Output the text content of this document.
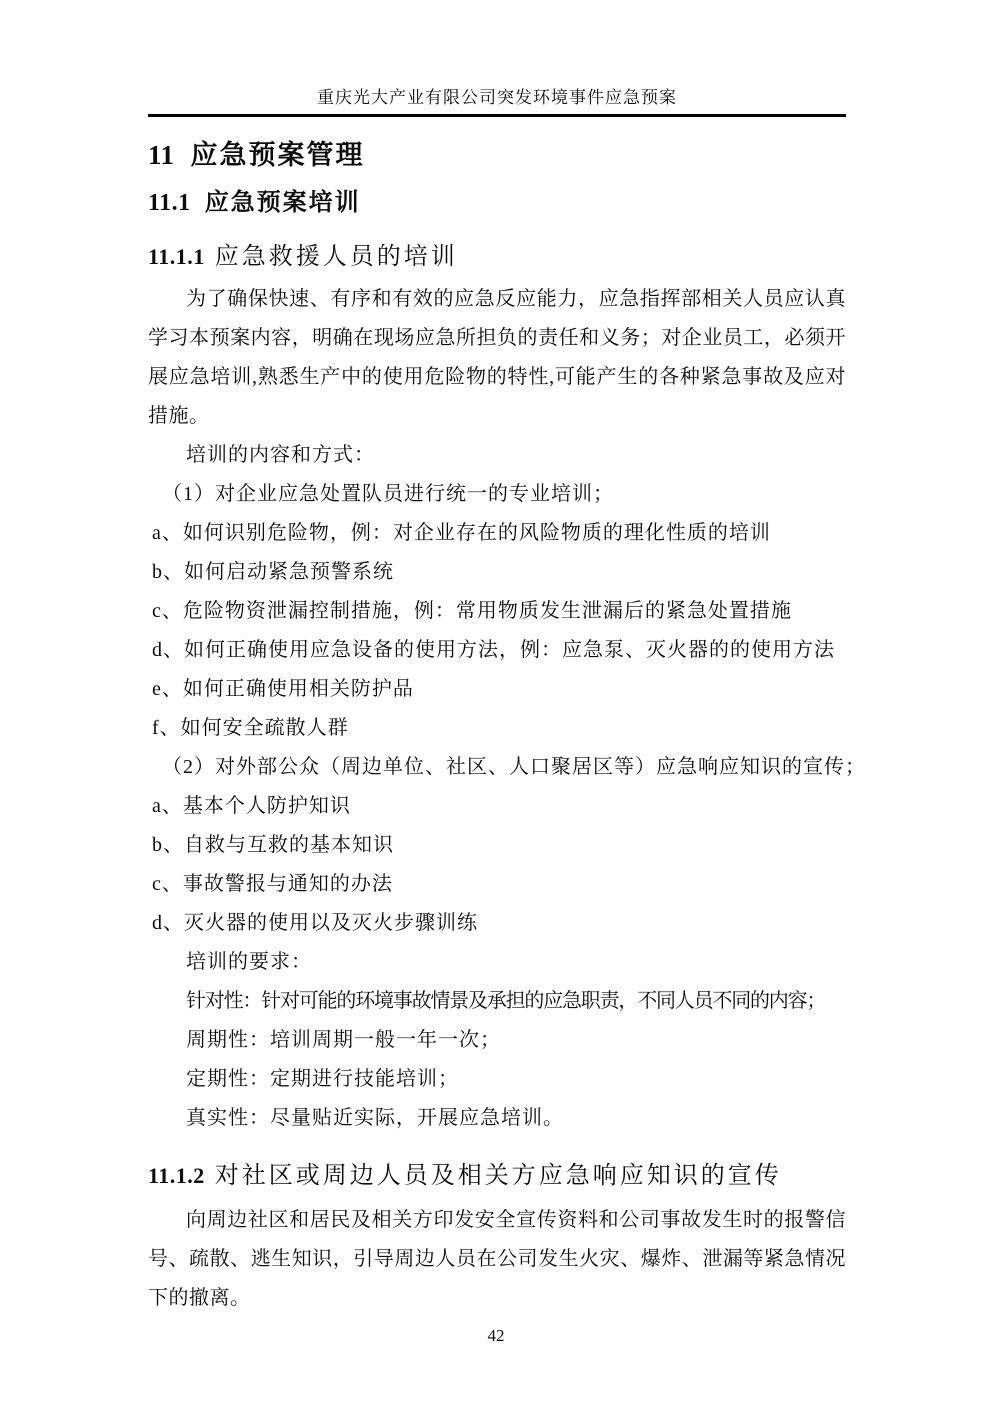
重庆光大产业有限公司突发环境事件应急预案
11 应急预案管理
11.1 应急预案培训
11.1.1 应急救援人员的培训

为了确保快速、有序和有效的应急反应能力，应急指挥部相关人员应认真学习本预案内容，明确在现场应急所担负的责任和义务；对企业员工，必须开展应急培训,熟悉生产中的使用危险物的特性,可能产生的各种紧急事故及应对措施。

培训的内容和方式：
（1）对企业应急处置队员进行统一的专业培训；
a、如何识别危险物，例：对企业存在的风险物质的理化性质的培训
b、如何启动紧急预警系统
c、危险物资泄漏控制措施，例：常用物质发生泄漏后的紧急处置措施
d、如何正确使用应急设备的使用方法，例：应急泵、灭火器的的使用方法
e、如何正确使用相关防护品
f、如何安全疏散人群
（2）对外部公众（周边单位、社区、人口聚居区等）应急响应知识的宣传；
a、基本个人防护知识
b、自救与互救的基本知识
c、事故警报与通知的办法
d、灭火器的使用以及灭火步骤训练
培训的要求：
针对性：针对可能的环境事故情景及承担的应急职责，不同人员不同的内容；
周期性：培训周期一般一年一次；
定期性：定期进行技能培训；
真实性：尽量贴近实际，开展应急培训。
11.1.2 对社区或周边人员及相关方应急响应知识的宣传

向周边社区和居民及相关方印发安全宣传资料和公司事故发生时的报警信号、疏散、逃生知识，引导周边人员在公司发生火灾、爆炸、泄漏等紧急情况下的撤离。

42
